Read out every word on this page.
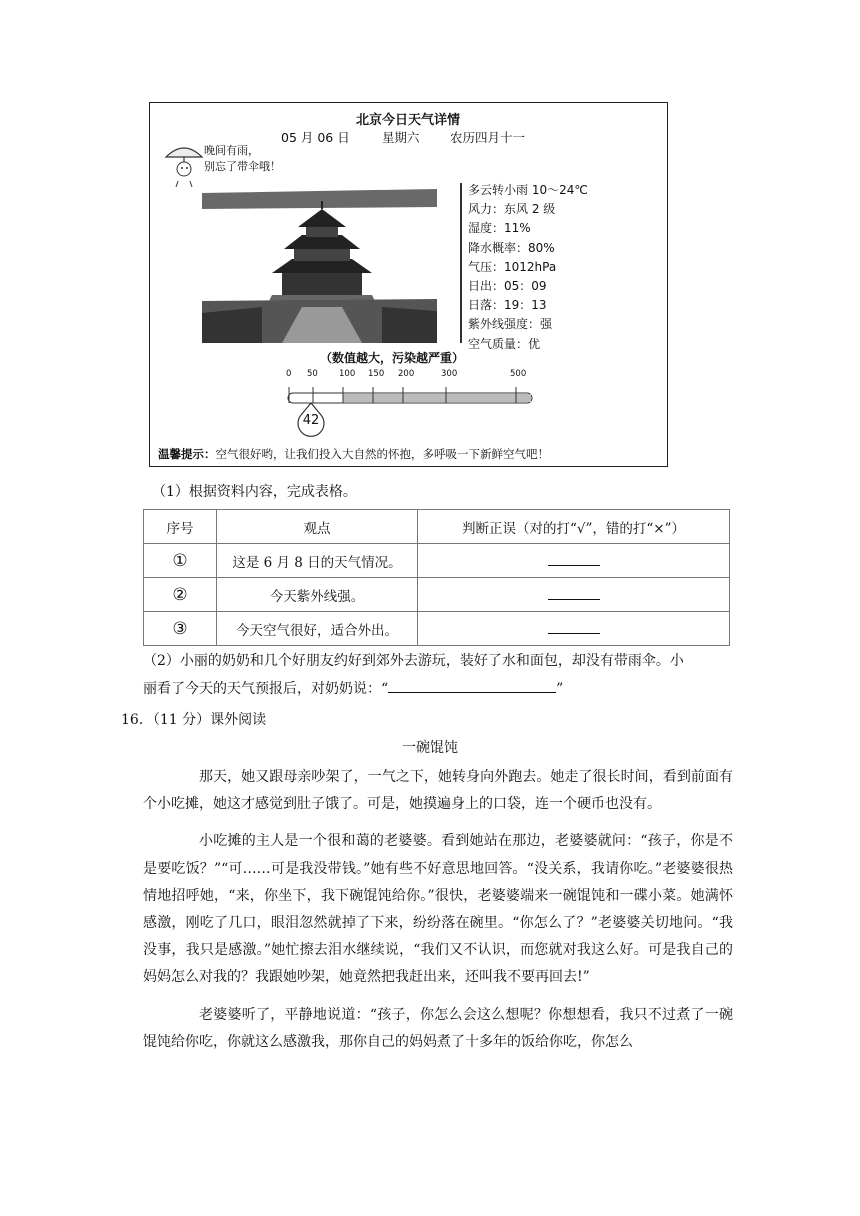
北京今日天气详情
05 月 06 日	星期六 农历四月十一
晚间有雨，
别忘了带伞哦！
多云转小雨 10～24℃
风力：东风 2 级
湿度：11%
降水概率：80%
气压：1012hPa
日出：05：09
日落：19：13
紫外线强度：强
空气质量：优
（数值越大，污染越严重）
0 50 100 150 200	300	500
42
温馨提示：空气很好哟，让我们投入大自然的怀抱，多呼吸一下新鲜空气吧！
（1）根据资料内容，完成表格。
序号	观点	判断正误（对的打“√”，错的打“×”）
①	这是 6 月 8 日的天气情况。	
②	今天紫外线强。	
③	今天空气很好，适合外出。	
（2）小丽的奶奶和几个好朋友约好到郊外去游玩，装好了水和面包，却没有带雨伞。小
丽看了今天的天气预报后，对奶奶说：“	”
16．（11 分）课外阅读
一碗馄饨
那天，她又跟母亲吵架了，一气之下，她转身向外跑去。她走了很长时间，看到前面有个小吃摊，她这才感觉到肚子饿了。可是，她摸遍身上的口袋，连一个硬币也没有。
小吃摊的主人是一个很和蔼的老婆婆。看到她站在那边，老婆婆就问：“孩子，你是不是要吃饭？”“可……可是我没带钱。”她有些不好意思地回答。“没关系，我请你吃。”老婆婆很热情地招呼她，“来，你坐下，我下碗馄饨给你。”很快，老婆婆端来一碗馄饨和一碟小菜。她满怀感激，刚吃了几口，眼泪忽然就掉了下来，纷纷落在碗里。“你怎么了？”老婆婆关切地问。“我没事，我只是感激。”她忙擦去泪水继续说，“我们又不认识，而您就对我这么好。可是我自己的妈妈怎么对我的？我跟她吵架，她竟然把我赶出来，还叫我不要再回去!”
老婆婆听了，平静地说道：“孩子，你怎么会这么想呢？你想想看，我只不过煮了一碗馄饨给你吃，你就这么感激我，那你自己的妈妈煮了十多年的饭给你吃，你怎么
